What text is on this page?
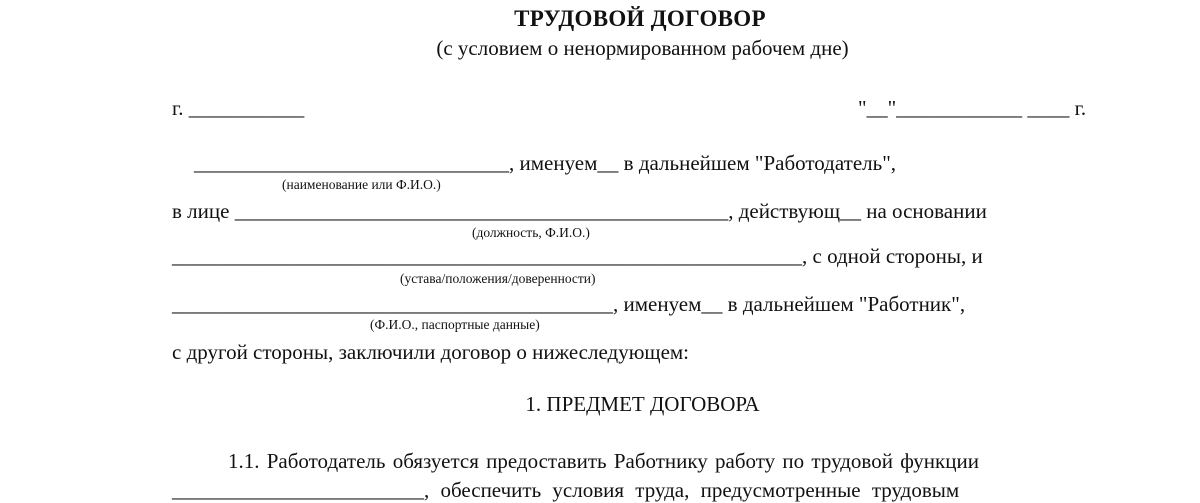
ТРУДОВОЙ ДОГОВОР
(с условием о ненормированном рабочем дне)
г. ___________	"__"____________ ____ г.
______________________________, именуем__ в дальнейшем "Работодатель",
(наименование или Ф.И.О.)
в лице _______________________________________________, действующ__ на основании
(должность, Ф.И.О.)
____________________________________________________________, с одной стороны, и
(устава/положения/доверенности)
__________________________________________, именуем__ в дальнейшем "Работник",
(Ф.И.О., паспортные данные)
с другой стороны, заключили договор о нижеследующем:
1. ПРЕДМЕТ ДОГОВОРА
1.1. Работодатель обязуется предоставить Работнику работу по трудовой функции
________________________, обеспечить условия труда, предусмотренные трудовым
